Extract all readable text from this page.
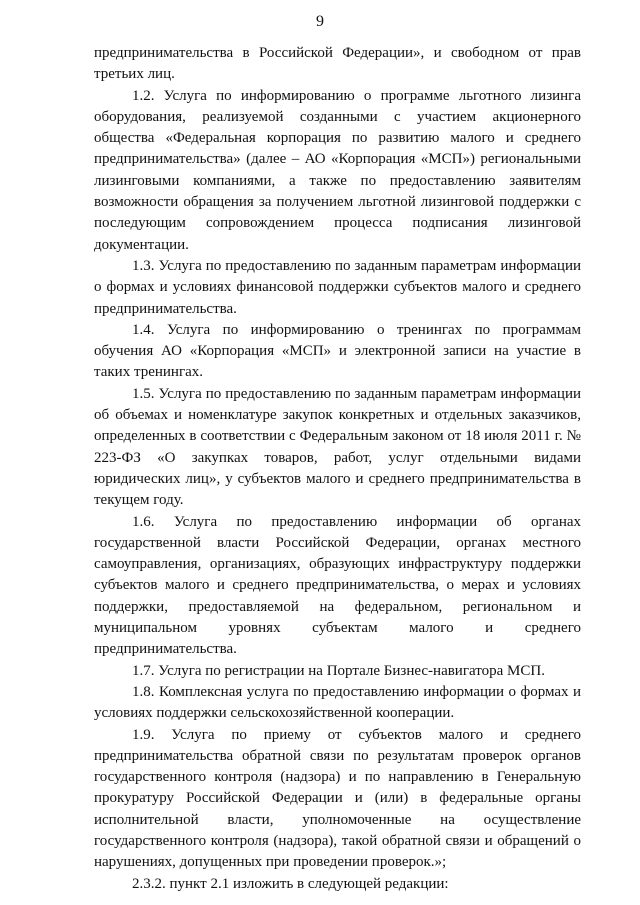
9

предпринимательства в Российской Федерации», и свободном от прав третьих лиц.

1.2. Услуга по информированию о программе льготного лизинга оборудования, реализуемой созданными с участием акционерного общества «Федеральная корпорация по развитию малого и среднего предпринимательства» (далее – АО «Корпорация «МСП») региональными лизинговыми компаниями, а также по предоставлению заявителям возможности обращения за получением льготной лизинговой поддержки с последующим сопровождением процесса подписания лизинговой документации.

1.3. Услуга по предоставлению по заданным параметрам информации о формах и условиях финансовой поддержки субъектов малого и среднего предпринимательства.

1.4. Услуга по информированию о тренингах по программам обучения АО «Корпорация «МСП» и электронной записи на участие в таких тренингах.

1.5. Услуга по предоставлению по заданным параметрам информации об объемах и номенклатуре закупок конкретных и отдельных заказчиков, определенных в соответствии с Федеральным законом от 18 июля 2011 г. № 223-ФЗ «О закупках товаров, работ, услуг отдельными видами юридических лиц», у субъектов малого и среднего предпринимательства в текущем году.

1.6. Услуга по предоставлению информации об органах государственной власти Российской Федерации, органах местного самоуправления, организациях, образующих инфраструктуру поддержки субъектов малого и среднего предпринимательства, о мерах и условиях поддержки, предоставляемой на федеральном, региональном и муниципальном уровнях субъектам малого и среднего предпринимательства.

1.7. Услуга по регистрации на Портале Бизнес-навигатора МСП.

1.8. Комплексная услуга по предоставлению информации о формах и условиях поддержки сельскохозяйственной кооперации.

1.9. Услуга по приему от субъектов малого и среднего предпринимательства обратной связи по результатам проверок органов государственного контроля (надзора) и по направлению в Генеральную прокуратуру Российской Федерации и (или) в федеральные органы исполнительной власти, уполномоченные на осуществление государственного контроля (надзора), такой обратной связи и обращений о нарушениях, допущенных при проведении проверок.»;

2.3.2. пункт 2.1 изложить в следующей редакции:
